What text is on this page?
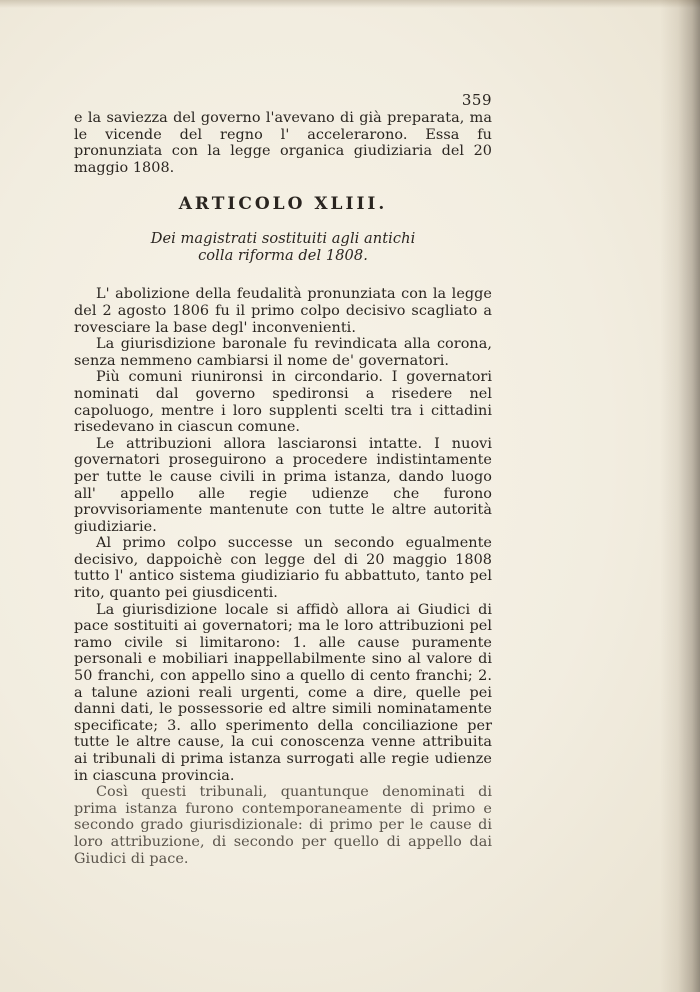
359

e la saviezza del governo l'avevano di già preparata, ma le vicende del regno l' accelerarono. Essa fu pronunziata con la legge organica giudiziaria del 20 maggio 1808.

ARTICOLO XLIII.
Dei magistrati sostituiti agli antichi
colla riforma del 1808.

L' abolizione della feudalità pronunziata con la legge del 2 agosto 1806 fu il primo colpo decisivo scagliato a rovesciare la base degl' inconvenienti.

La giurisdizione baronale fu revindicata alla corona, senza nemmeno cambiarsi il nome de' governatori.

Più comuni riunironsi in circondario. I governatori nominati dal governo spedironsi a risedere nel capoluogo, mentre i loro supplenti scelti tra i cittadini risedevano in ciascun comune.

Le attribuzioni allora lasciaronsi intatte. I nuovi governatori proseguirono a procedere indistintamente per tutte le cause civili in prima istanza, dando luogo all' appello alle regie udienze che furono provvisoriamente mantenute con tutte le altre autorità giudiziarie.

Al primo colpo successe un secondo egualmente decisivo, dappoichè con legge del di 20 maggio 1808 tutto l' antico sistema giudiziario fu abbattuto, tanto pel rito, quanto pei giusdicenti.

La giurisdizione locale si affidò allora ai Giudici di pace sostituiti ai governatori; ma le loro attribuzioni pel ramo civile si limitarono: 1. alle cause puramente personali e mobiliari inappellabilmente sino al valore di 50 franchi, con appello sino a quello di cento franchi; 2. a talune azioni reali urgenti, come a dire, quelle pei danni dati, le possessorie ed altre simili nominatamente specificate; 3. allo sperimento della conciliazione per tutte le altre cause, la cui conoscenza venne attribuita ai tribunali di prima istanza surrogati alle regie udienze in ciascuna provincia.

Così questi tribunali, quantunque denominati di prima istanza furono contemporaneamente di primo e secondo grado giurisdizionale: di primo per le cause di loro attribuzione, di secondo per quello di appello dai Giudici di pace.
